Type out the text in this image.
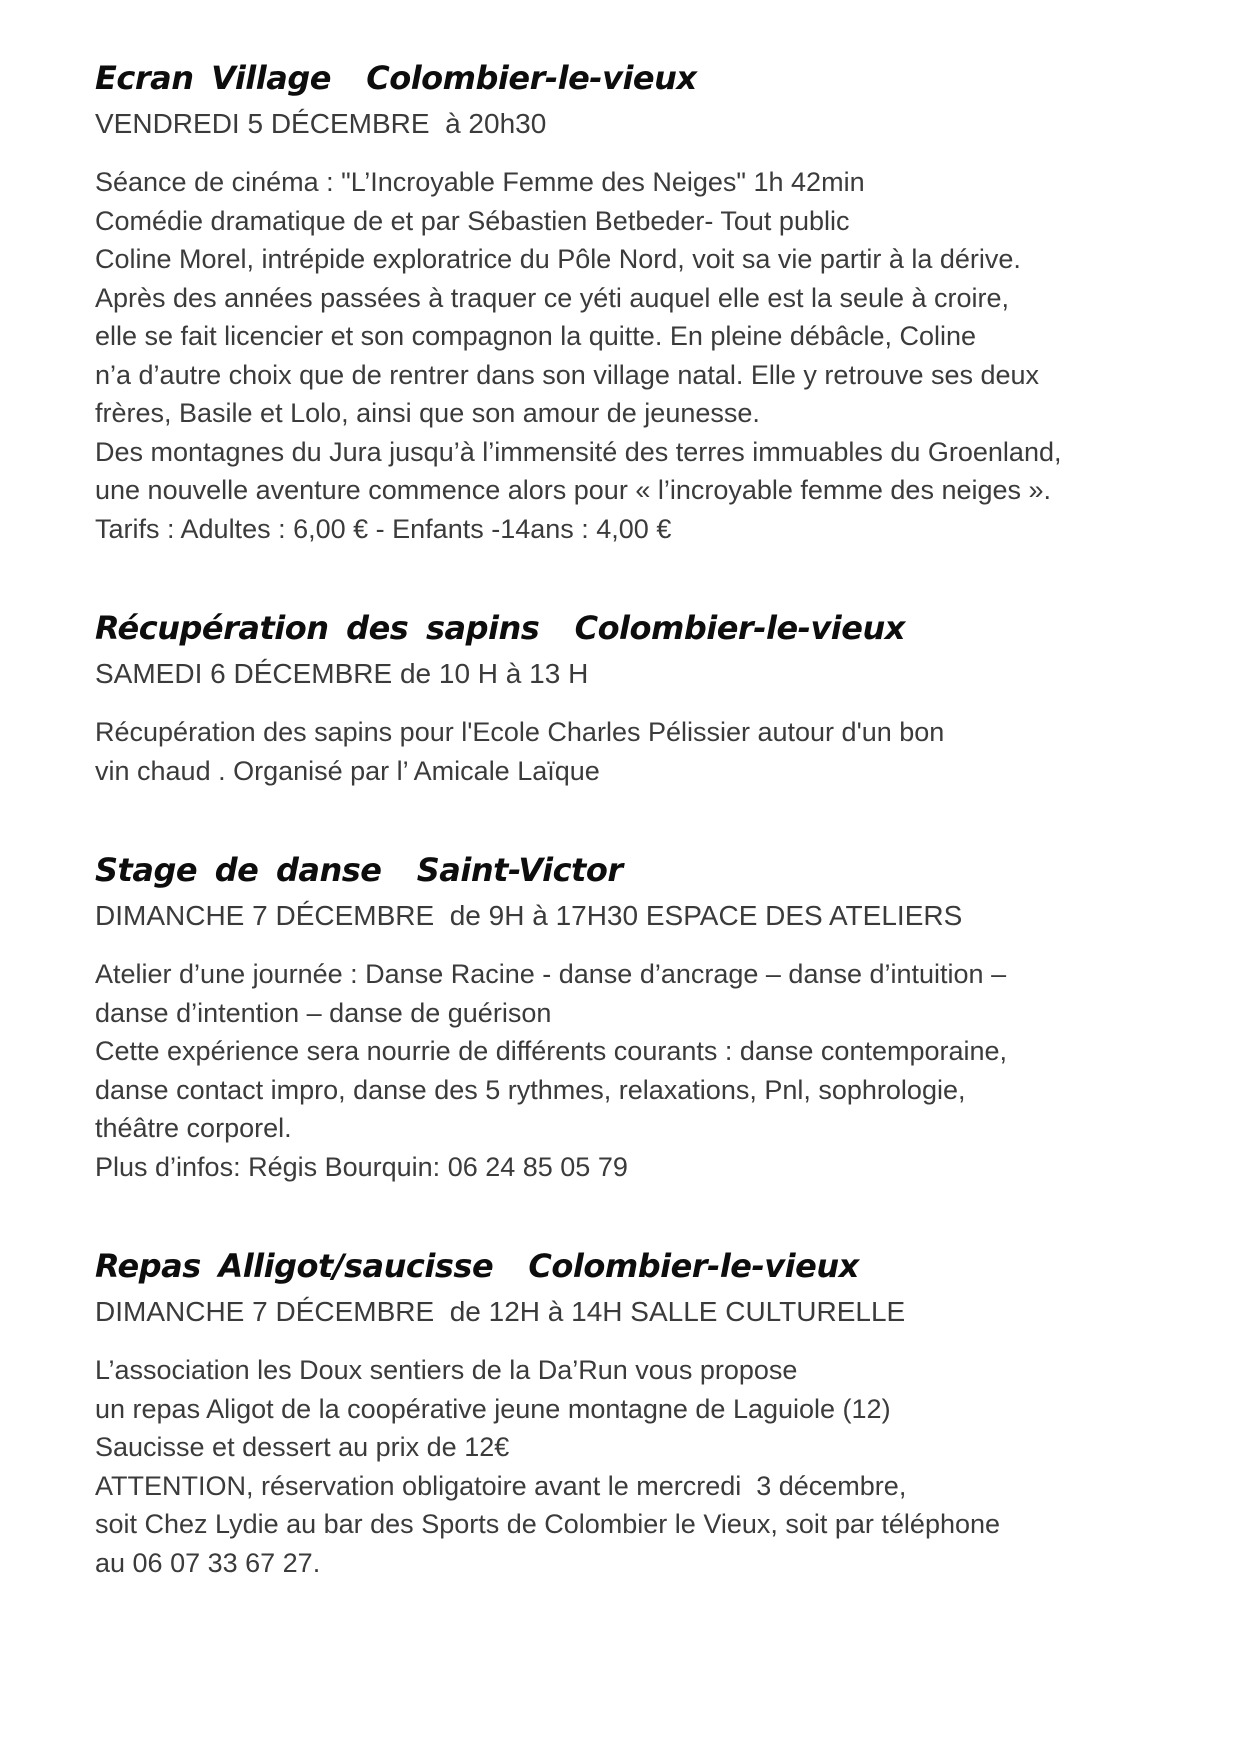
Ecran Village  Colombier-le-vieux
VENDREDI 5 DÉCEMBRE  à 20h30

Séance de cinéma : "L’Incroyable Femme des Neiges" 1h 42min
Comédie dramatique de et par Sébastien Betbeder- Tout public
Coline Morel, intrépide exploratrice du Pôle Nord, voit sa vie partir à la dérive.
Après des années passées à traquer ce yéti auquel elle est la seule à croire,
elle se fait licencier et son compagnon la quitte. En pleine débâcle, Coline
n’a d’autre choix que de rentrer dans son village natal. Elle y retrouve ses deux
frères, Basile et Lolo, ainsi que son amour de jeunesse.
Des montagnes du Jura jusqu’à l’immensité des terres immuables du Groenland,
une nouvelle aventure commence alors pour « l’incroyable femme des neiges ».
Tarifs : Adultes : 6,00 € - Enfants -14ans : 4,00 €

Récupération des sapins  Colombier-le-vieux
SAMEDI 6 DÉCEMBRE de 10 H à 13 H

Récupération des sapins pour l'Ecole Charles Pélissier autour d'un bon
vin chaud . Organisé par l’ Amicale Laïque

Stage de danse  Saint-Victor
DIMANCHE 7 DÉCEMBRE  de 9H à 17H30 ESPACE DES ATELIERS

Atelier d’une journée : Danse Racine - danse d’ancrage – danse d’intuition –
danse d’intention – danse de guérison
Cette expérience sera nourrie de différents courants : danse contemporaine,
danse contact impro, danse des 5 rythmes, relaxations, Pnl, sophrologie,
théâtre corporel.
Plus d’infos: Régis Bourquin: 06 24 85 05 79

Repas Alligot/saucisse  Colombier-le-vieux
DIMANCHE 7 DÉCEMBRE  de 12H à 14H SALLE CULTURELLE

L’association les Doux sentiers de la Da’Run vous propose
un repas Aligot de la coopérative jeune montagne de Laguiole (12)
Saucisse et dessert au prix de 12€
ATTENTION, réservation obligatoire avant le mercredi  3 décembre,
soit Chez Lydie au bar des Sports de Colombier le Vieux, soit par téléphone
au 06 07 33 67 27.
